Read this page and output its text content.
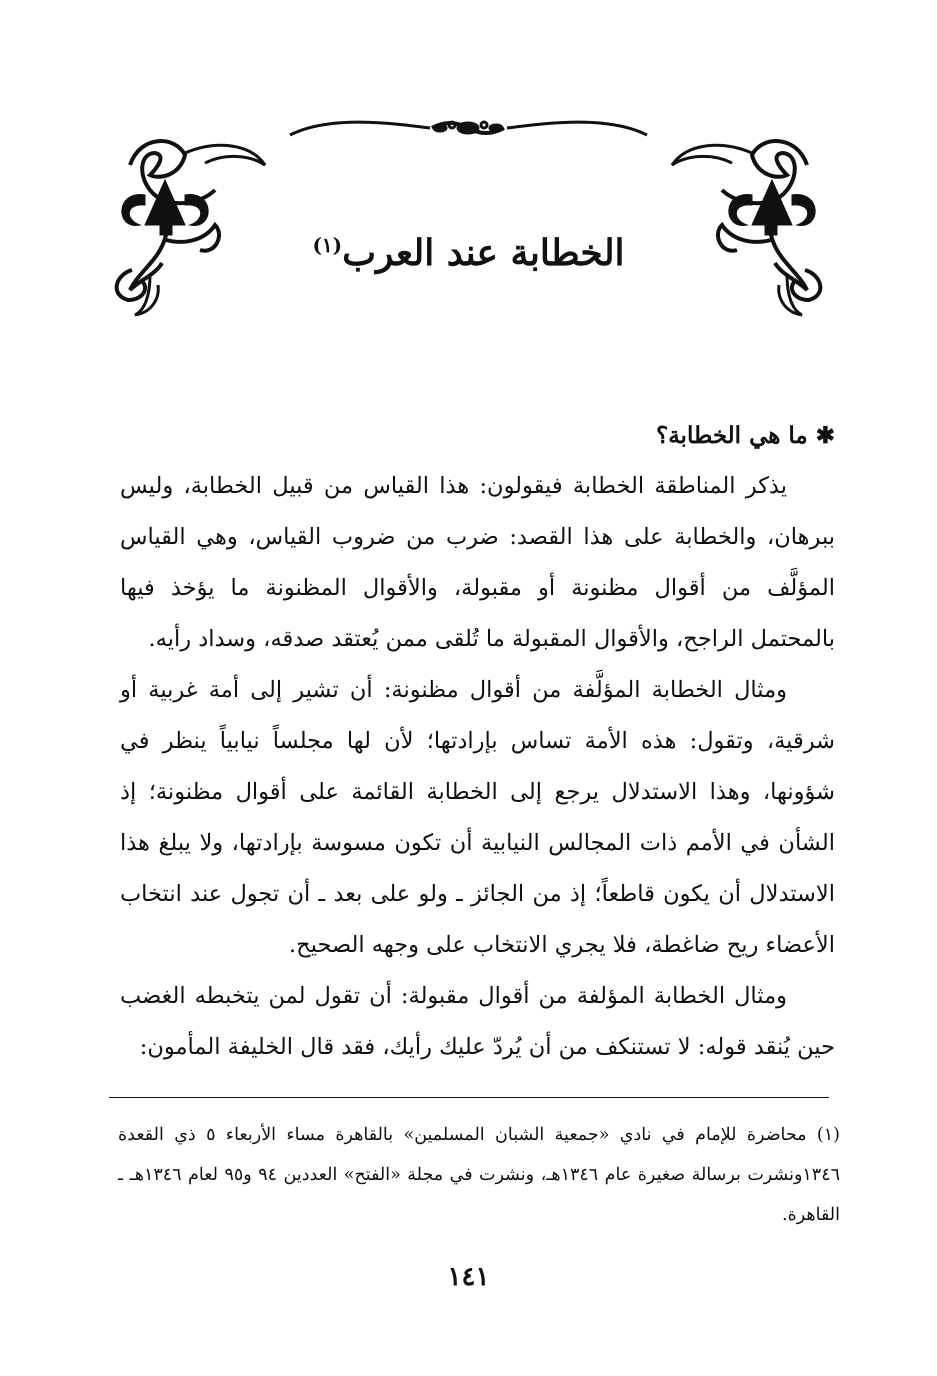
الخطابة عند العرب$^{(١)}$

✱ ما هي الخطابة؟

يذكر المناطقة الخطابة فيقولون: هذا القياس من قبيل الخطابة، وليس ببرهان، والخطابة على هذا القصد: ضرب من ضروب القياس، وهي القياس المؤلَّف من أقوال مظنونة أو مقبولة، والأقوال المظنونة ما يؤخذ فيها بالمحتمل الراجح، والأقوال المقبولة ما تُلقى ممن يُعتقد صدقه، وسداد رأيه.

ومثال الخطابة المؤلَّفة من أقوال مظنونة: أن تشير إلى أمة غربية أو شرقية، وتقول: هذه الأمة تساس بإرادتها؛ لأن لها مجلساً نيابياً ينظر في شؤونها، وهذا الاستدلال يرجع إلى الخطابة القائمة على أقوال مظنونة؛ إذ الشأن في الأمم ذات المجالس النيابية أن تكون مسوسة بإرادتها، ولا يبلغ هذا الاستدلال أن يكون قاطعاً؛ إذ من الجائز ـ ولو على بعد ـ أن تجول عند انتخاب الأعضاء ريح ضاغطة، فلا يجري الانتخاب على وجهه الصحيح.

ومثال الخطابة المؤلفة من أقوال مقبولة: أن تقول لمن يتخبطه الغضب حين يُنقد قوله: لا تستنكف من أن يُردّ عليك رأيك، فقد قال الخليفة المأمون:

(١) محاضرة للإمام في نادي «جمعية الشبان المسلمين» بالقاهرة مساء الأربعاء ٥ ذي القعدة ١٣٤٦ونشرت برسالة صغيرة عام ١٣٤٦هـ، ونشرت في مجلة «الفتح» العددين ٩٤ و٩٥ لعام ١٣٤٦هـ ـ القاهرة.

١٤١
